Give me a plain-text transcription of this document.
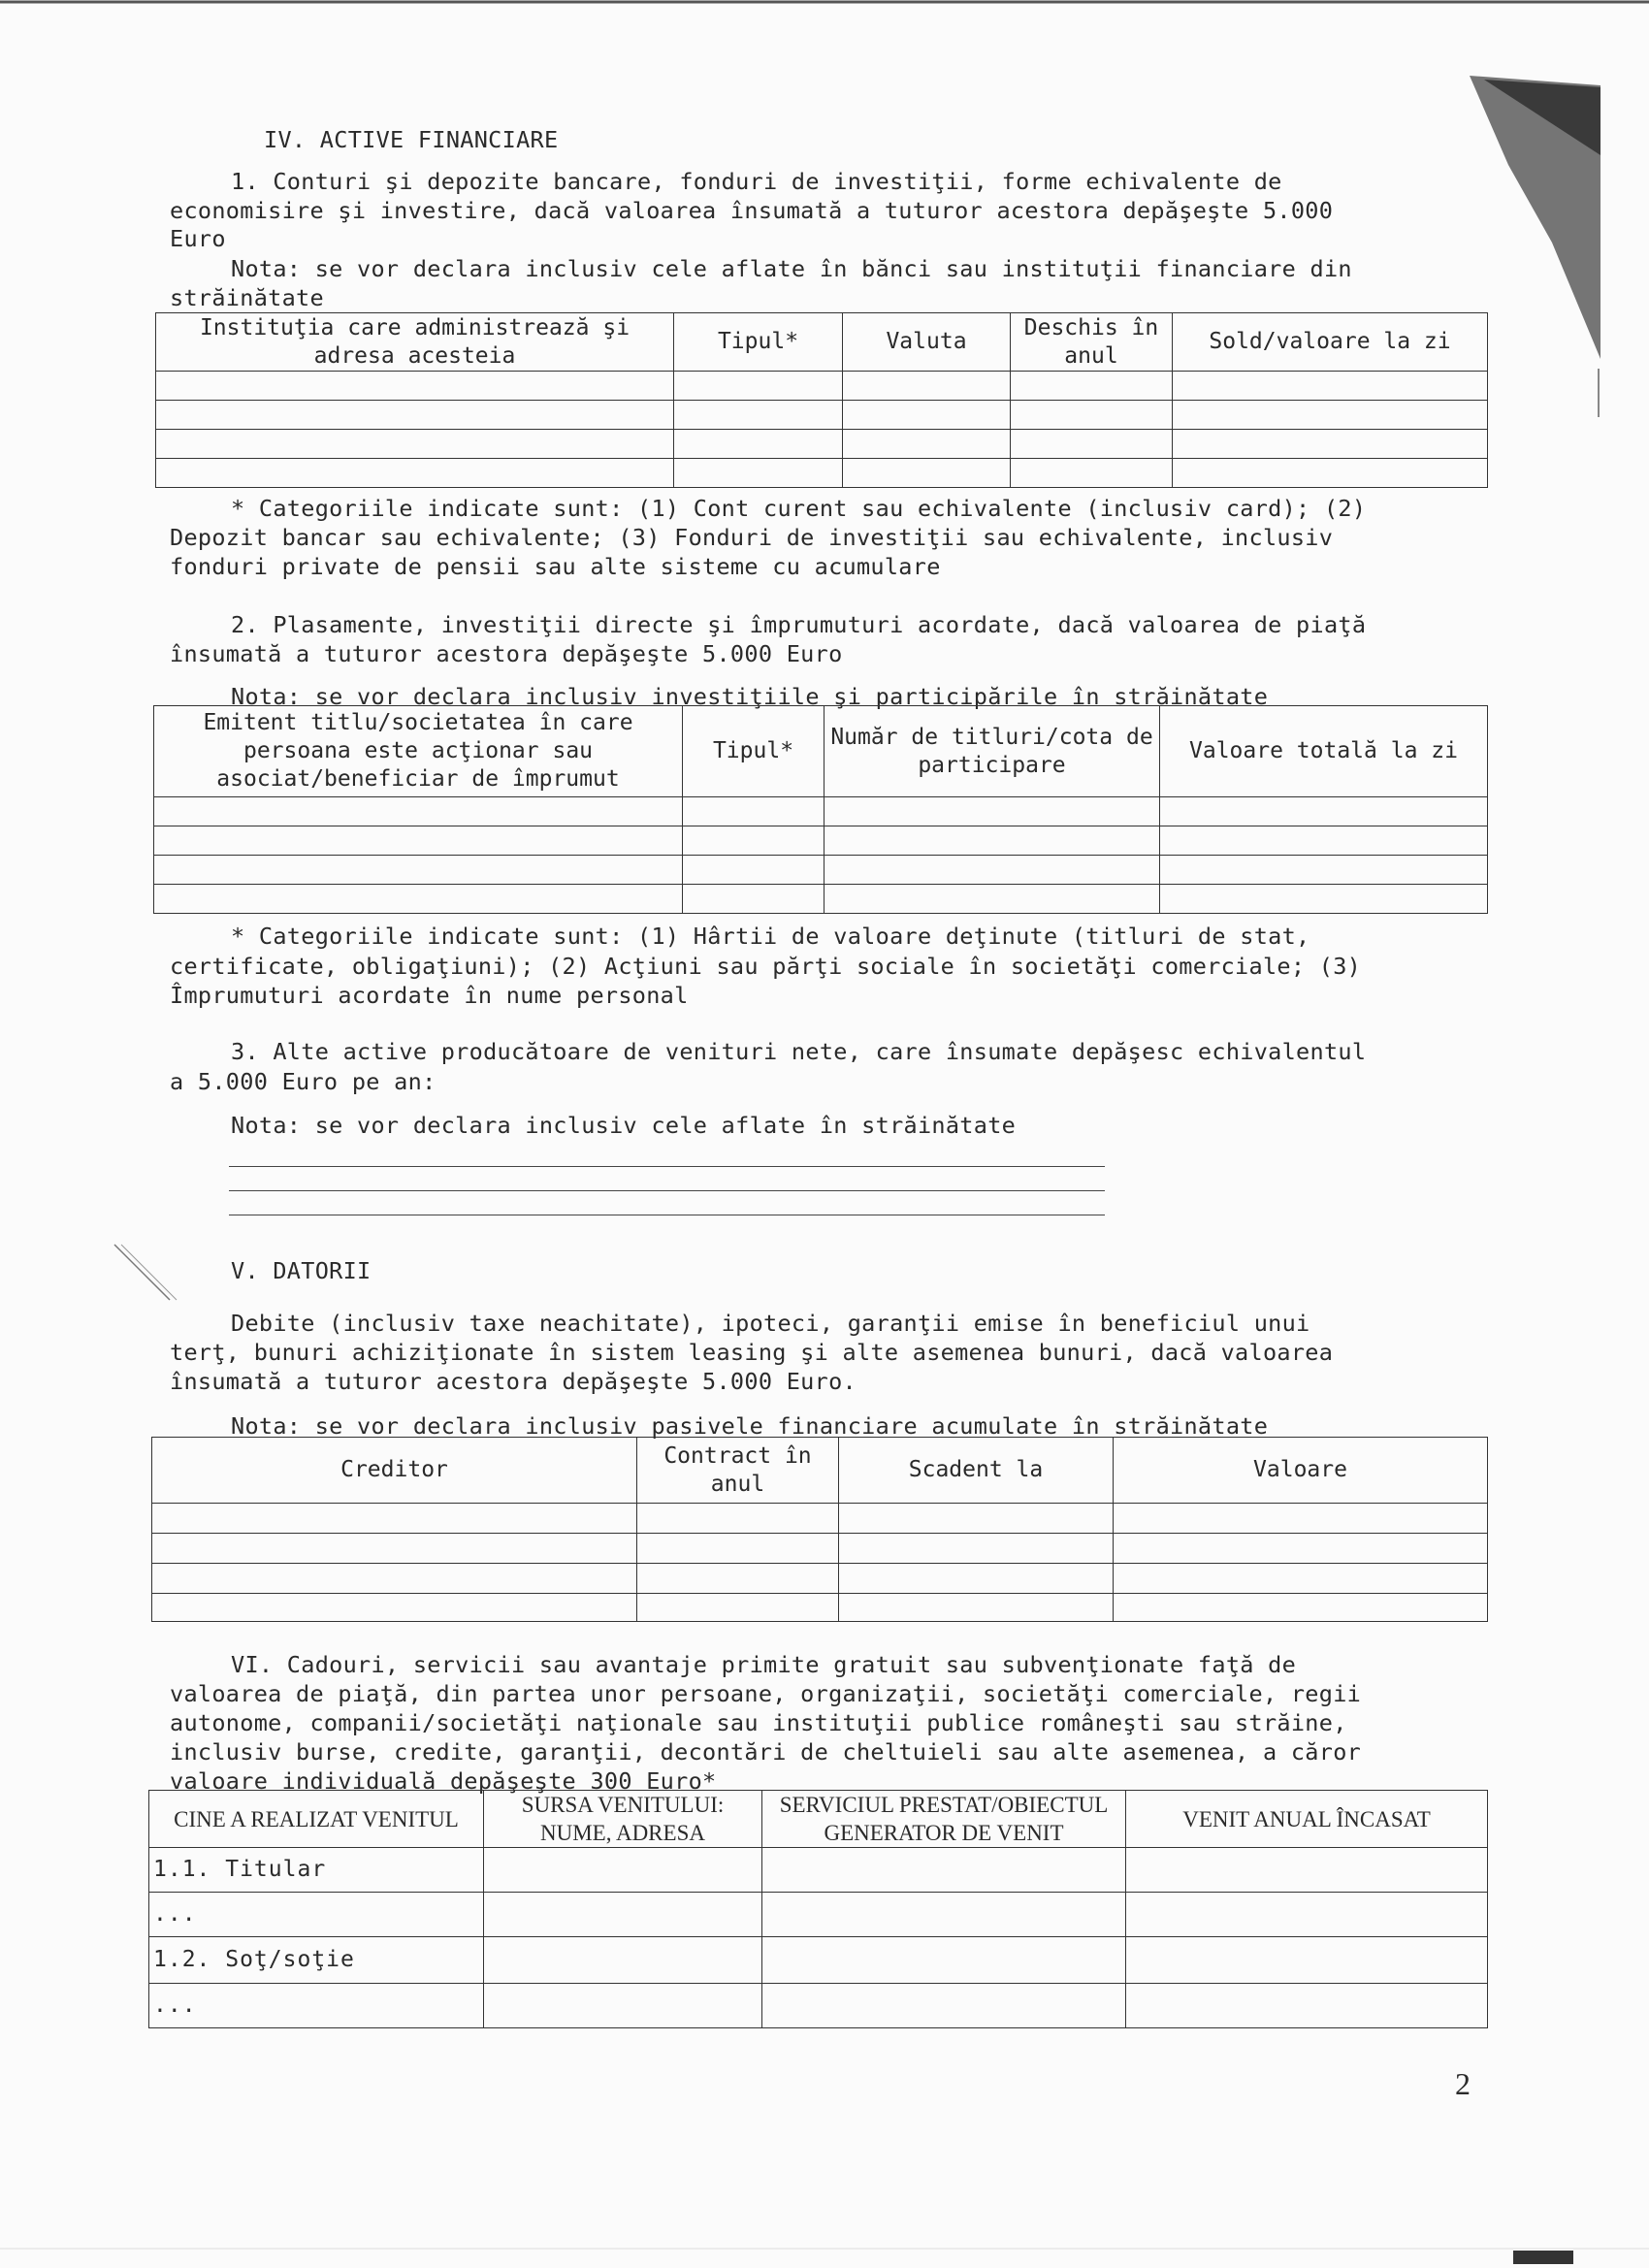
IV. ACTIVE FINANCIARE
1. Conturi şi depozite bancare, fonduri de investiţii, forme echivalente de
economisire şi investire, dacă valoarea însumată a tuturor acestora depăşeşte 5.000
Euro
Nota: se vor declara inclusiv cele aflate în bănci sau instituţii financiare din
străinătate
Instituţia care administrează şi adresa acesteia	Tipul*	Valuta	Deschis în anul	Sold/valoare la zi

* Categoriile indicate sunt: (1) Cont curent sau echivalente (inclusiv card); (2)
Depozit bancar sau echivalente; (3) Fonduri de investiţii sau echivalente, inclusiv
fonduri private de pensii sau alte sisteme cu acumulare
2. Plasamente, investiţii directe şi împrumuturi acordate, dacă valoarea de piaţă
însumată a tuturor acestora depăşeşte 5.000 Euro
Nota: se vor declara inclusiv investiţiile şi participările în străinătate
Emitent titlu/societatea în care persoana este acţionar sau asociat/beneficiar de împrumut	Tipul*	Număr de titluri/cota de participare	Valoare totală la zi

* Categoriile indicate sunt: (1) Hârtii de valoare deţinute (titluri de stat,
certificate, obligaţiuni); (2) Acţiuni sau părţi sociale în societăţi comerciale; (3)
Împrumuturi acordate în nume personal
3. Alte active producătoare de venituri nete, care însumate depăşesc echivalentul
a 5.000 Euro pe an:
Nota: se vor declara inclusiv cele aflate în străinătate
V. DATORII
Debite (inclusiv taxe neachitate), ipoteci, garanţii emise în beneficiul unui
terţ, bunuri achiziţionate în sistem leasing şi alte asemenea bunuri, dacă valoarea
însumată a tuturor acestora depăşeşte 5.000 Euro.
Nota: se vor declara inclusiv pasivele financiare acumulate în străinătate
Creditor	Contract în anul	Scadent la	Valoare

VI. Cadouri, servicii sau avantaje primite gratuit sau subvenţionate faţă de
valoarea de piaţă, din partea unor persoane, organizaţii, societăţi comerciale, regii
autonome, companii/societăţi naţionale sau instituţii publice româneşti sau străine,
inclusiv burse, credite, garanţii, decontări de cheltuieli sau alte asemenea, a căror
valoare individuală depăşeşte 300 Euro*
CINE A REALIZAT VENITUL	SURSA VENITULUI: NUME, ADRESA	SERVICIUL PRESTAT/OBIECTUL GENERATOR DE VENIT	VENIT ANUAL ÎNCASAT
1.1. Titular			
...			
1.2. Soţ/soţie			
...			
2
